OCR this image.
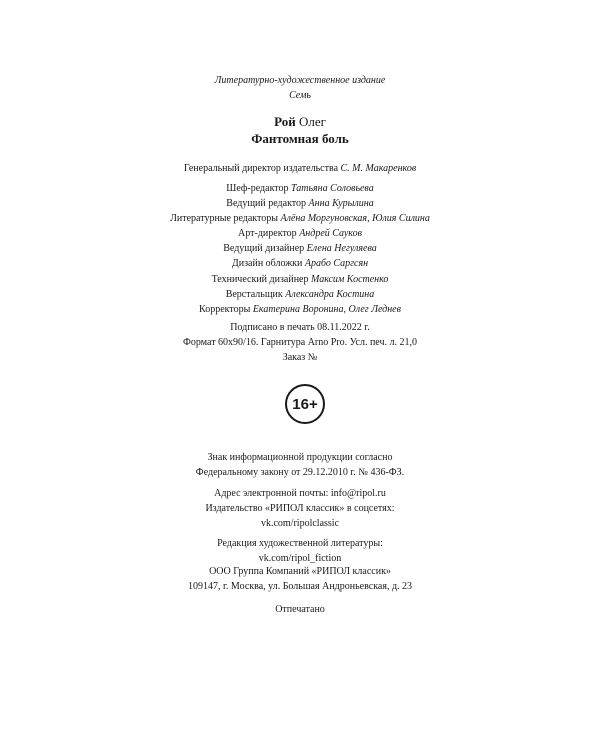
Литературно-художественное издание
Семь
Рой Олег
Фантомная боль
Генеральный директор издательства С. М. Макаренков
Шеф-редактор Татьяна Соловьева
Ведущий редактор Анна Курылина
Литературные редакторы Алёна Моргуновская, Юлия Силина
Арт-директор Андрей Сауков
Ведущий дизайнер Елена Негуляева
Дизайн обложки Арабо Саргсян
Технический дизайнер Максим Костенко
Верстальщик Александра Костина
Корректоры Екатерина Воронина, Олег Леднев
Подписано в печать 08.11.2022 г.
Формат 60x90/16. Гарнитура Arno Pro. Усл. печ. л. 21,0
Заказ №
16+
Знак информационной продукции согласно
Федеральному закону от 29.12.2010 г. № 436-ФЗ.
Адрес электронной почты: info@ripol.ru
Издательство «РИПОЛ классик» в соцсетях:
vk.com/ripolclassic
Редакция художественной литературы:
vk.com/ripol_fiction
ООО Группа Компаний «РИПОЛ классик»
109147, г. Москва, ул. Большая Андроньевская, д. 23
Отпечатано
